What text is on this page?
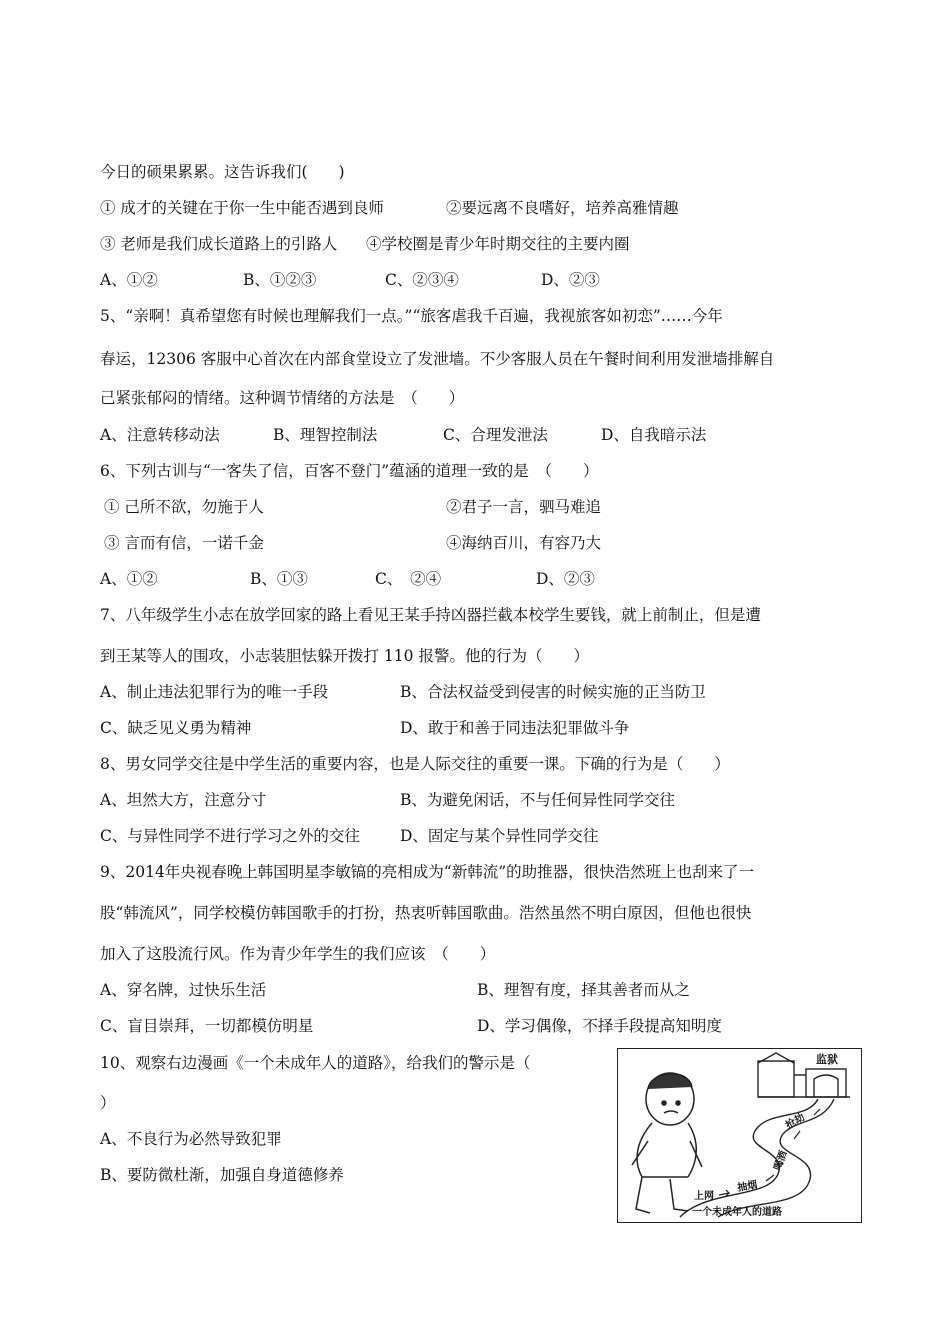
今日的硕果累累。这告诉我们(　　)
① 成才的关键在于你一生中能否遇到良师	②要远离不良嗜好，培养高雅情趣
③ 老师是我们成长道路上的引路人 ④学校圈是青少年时期交往的主要内圈
A、①②	B、①②③	C、②③④	D、②③
5、“亲啊！真希望您有时候也理解我们一点。”“旅客虐我千百遍，我视旅客如初恋”……今年
春运，12306 客服中心首次在内部食堂设立了发泄墙。不少客服人员在午餐时间利用发泄墙排解自
己紧张郁闷的情绪。这种调节情绪的方法是　（　　）
A、注意转移动法	B、理智控制法	C、合理发泄法	D、自我暗示法
6、下列古训与“一客失了信，百客不登门”蕴涵的道理一致的是　（　　）
① 己所不欲，勿施于人	②君子一言，驷马难追
③ 言而有信，一诺千金	④海纳百川，有容乃大
A、①②	B、①③	C、　②④	D、②③
7、八年级学生小志在放学回家的路上看见王某手持凶器拦截本校学生要钱，就上前制止，但是遭
到王某等人的围攻，小志装胆怯躲开拨打 110 报警。他的行为（　　）
A、制止违法犯罪行为的唯一手段	B、合法权益受到侵害的时候实施的正当防卫
C、缺乏见义勇为精神	D、敢于和善于同违法犯罪做斗争
8、男女同学交往是中学生活的重要内容，也是人际交往的重要一课。下确的行为是（　　）
A、坦然大方，注意分寸	B、为避免闲话，不与任何异性同学交往
C、与异性同学不进行学习之外的交往	D、固定与某个异性同学交往
9、2014年央视春晚上韩国明星李敏镐的亮相成为“新韩流”的助推器，很快浩然班上也刮来了一
股“韩流风”，同学校模仿韩国歌手的打扮，热衷听韩国歌曲。浩然虽然不明白原因，但他也很快
加入了这股流行风。作为青少年学生的我们应该　（　　）
A、穿名牌，过快乐生活	B、理智有度，择其善者而从之
C、盲目崇拜，一切都模仿明星	D、学习偶像，不择手段提高知明度
10、观察右边漫画《一个未成年人的道路》，给我们的警示是（
）
A、不良行为必然导致犯罪
B、要防微杜渐，加强自身道德修养
上网
抽烟
喝酒
抢劫
监狱
一个未成年人的道路
